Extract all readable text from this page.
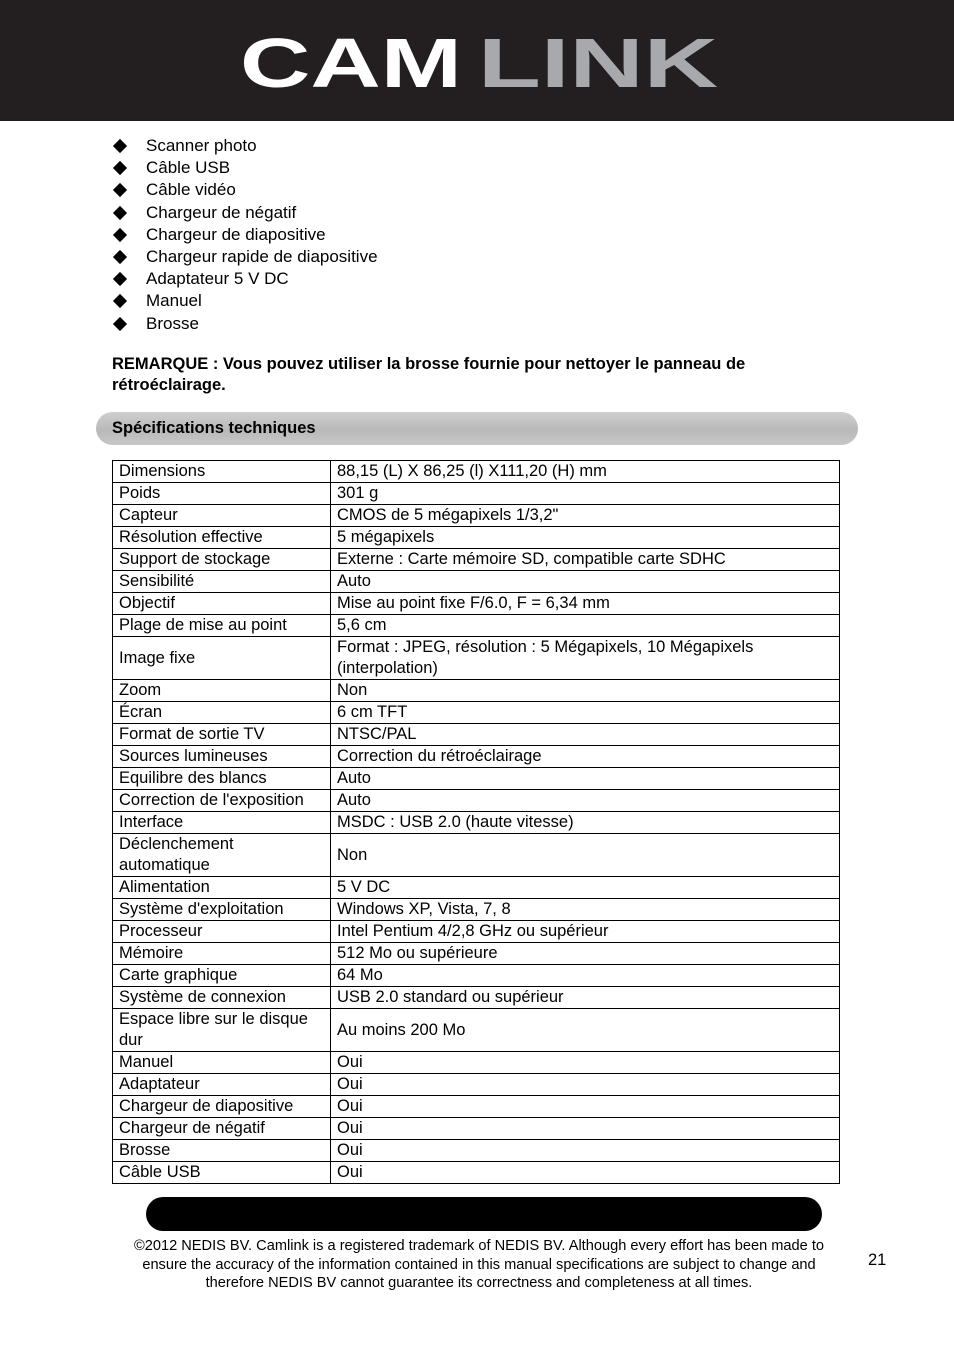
CAM LINK
Scanner photo
Câble USB
Câble vidéo
Chargeur de négatif
Chargeur de diapositive
Chargeur rapide de diapositive
Adaptateur 5 V DC
Manuel
Brosse
REMARQUE : Vous pouvez utiliser la brosse fournie pour nettoyer le panneau de rétroéclairage.
Spécifications techniques
Dimensions	88,15 (L) X 86,25 (l) X111,20 (H) mm
Poids	301 g
Capteur	CMOS de 5 mégapixels 1/3,2"
Résolution effective	5 mégapixels
Support de stockage	Externe : Carte mémoire SD, compatible carte SDHC
Sensibilité	Auto
Objectif	Mise au point fixe F/6.0, F = 6,34 mm
Plage de mise au point	5,6 cm
Image fixe	Format : JPEG, résolution : 5 Mégapixels, 10 Mégapixels (interpolation)
Zoom	Non
Écran	6 cm TFT
Format de sortie TV	NTSC/PAL
Sources lumineuses	Correction du rétroéclairage
Equilibre des blancs	Auto
Correction de l'exposition	Auto
Interface	MSDC : USB 2.0 (haute vitesse)
Déclenchement automatique	Non
Alimentation	5 V DC
Système d'exploitation	Windows XP, Vista, 7, 8
Processeur	Intel Pentium 4/2,8 GHz ou supérieur
Mémoire	512 Mo ou supérieure
Carte graphique	64 Mo
Système de connexion	USB 2.0 standard ou supérieur
Espace libre sur le disque dur	Au moins 200 Mo
Manuel	Oui
Adaptateur	Oui
Chargeur de diapositive	Oui
Chargeur de négatif	Oui
Brosse	Oui
Câble USB	Oui
©2012 NEDIS BV. Camlink is a registered trademark of NEDIS BV. Although every effort has been made to ensure the accuracy of the information contained in this manual specifications are subject to change and therefore NEDIS BV cannot guarantee its correctness and completeness at all times.
21
